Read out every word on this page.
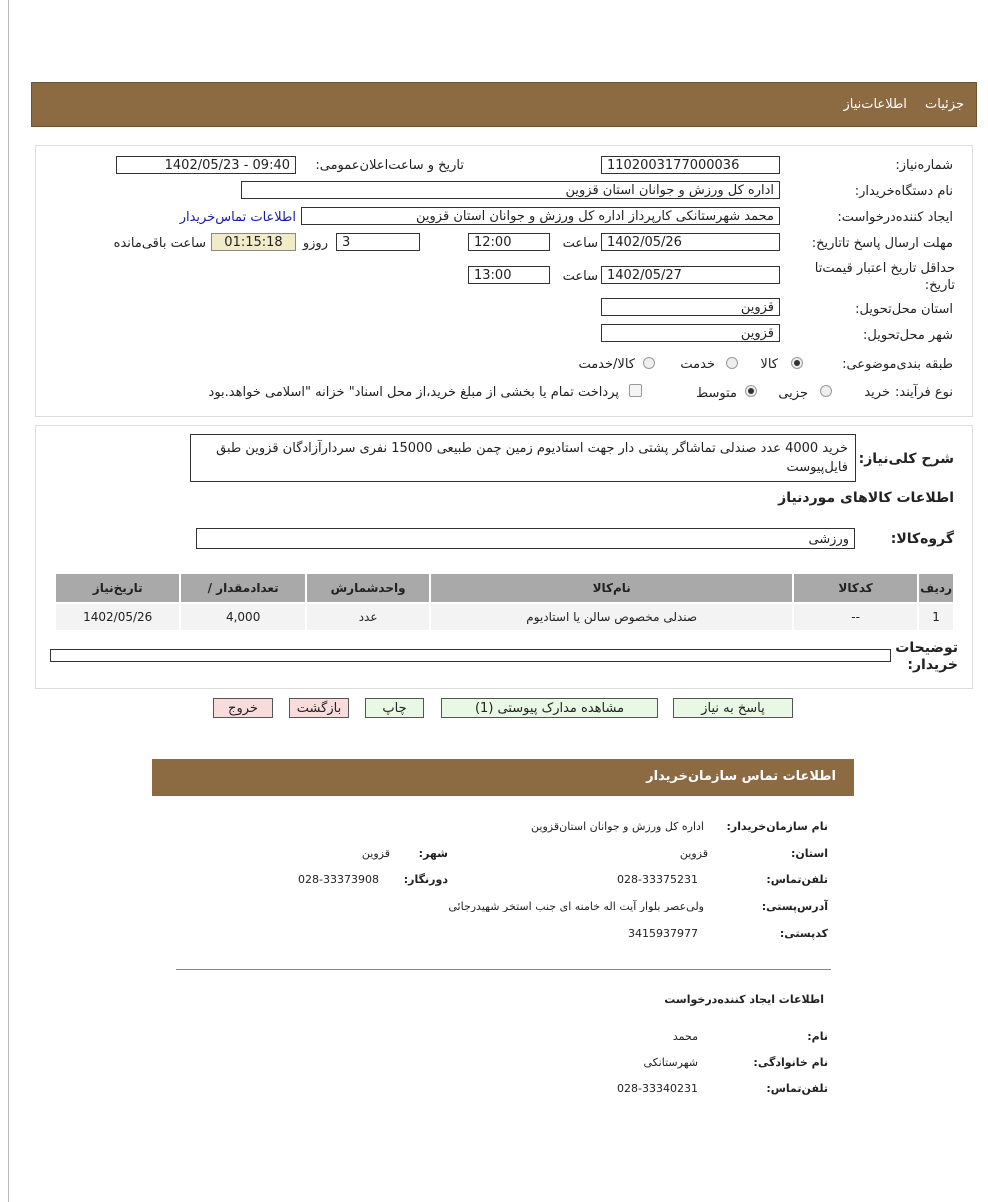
جزئیات اطلاعات‌نیاز
شماره‌نیاز:
1102003177000036
تاریخ و ساعت‌اعلان‌عمومی:
1402/05/23 - 09:40
نام دستگاه‌خریدار:
اداره کل ورزش و جوانان استان قزوین
ایجاد کننده‌درخواست:
محمد شهرستانکی کارپرداز اداره کل ورزش و جوانان استان قزوین
اطلاعات تماس‌خریدار
مهلت ارسال پاسخ تا‌تاریخ:
1402/05/26
ساعت
12:00
3
روزو
01:15:18
ساعت باقی‌مانده
حداقل تاریخ اعتبار قیمت‌تا تاریخ:
1402/05/27
ساعت
13:00
استان محل‌تحویل:
قزوین
شهر محل‌تحویل:
قزوین
طبقه بندی‌موضوعی:
کالا
خدمت
کالا/خدمت
نوع فرآیند:
خرید
جزیی
متوسط
پرداخت تمام یا بخشی از مبلغ خرید،از محل اسناد" خزانه "اسلامی خواهد.بود
شرح کلی‌نیاز:
خرید 4000 عدد صندلی تماشاگر پشتی دار جهت استادیوم زمین چمن طبیعی 15000 نفری سردار‌آزادگان قزوین طبق فایل‌پیوست
اطلاعات کالاهای مورد‌نیاز
گروه‌کالا:
ورزشی
ردیف	کدکالا	نام‌کالا	واحد‌شمارش	تعداد‌مقدار /	تاریخ‌نیاز
1	--	صندلی مخصوص سالن یا استادیوم	عدد	4,000	1402/05/26
توضیحات خریدار:
پاسخ به نیاز
مشاهده مدارک پیوستی (1)
چاپ
بازگشت
خروج
اطلاعات تماس سازمان‌خریدار
نام سازمان‌خریدار:
اداره کل ورزش و جوانان استان‌قزوین
استان:
قزوین
شهر:
قزوین
تلفن‌تماس:
028-33375231
دورنگار:
028-33373908
آدرس‌پستی:
ولی‌عصر بلوار آیت اله خامنه ای جنب استخر شهید‌رجائی
کد‌پستی:
3415937977
اطلاعات ایجاد کننده‌درخواست
نام:
محمد
نام خانوادگی:
شهرستانکی
تلفن‌تماس:
028-33340231
